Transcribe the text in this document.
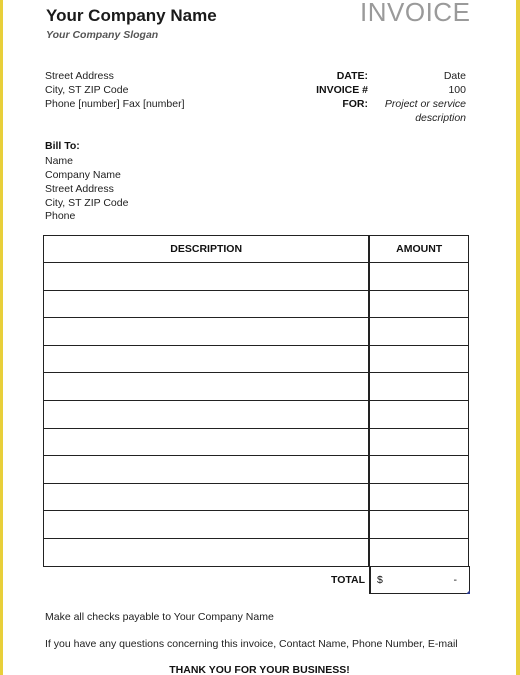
Your Company Name
Your Company Slogan
INVOICE
Street Address
City, ST ZIP Code
Phone [number] Fax [number]
DATE:	Date
INVOICE #	100
FOR:	Project or service
description
Bill To:
Name
Company Name
Street Address
City, ST ZIP Code
Phone
DESCRIPTION	AMOUNT

TOTAL $	-
Make all checks payable to Your Company Name
If you have any questions concerning this invoice, Contact Name, Phone Number, E-mail
THANK YOU FOR YOUR BUSINESS!
